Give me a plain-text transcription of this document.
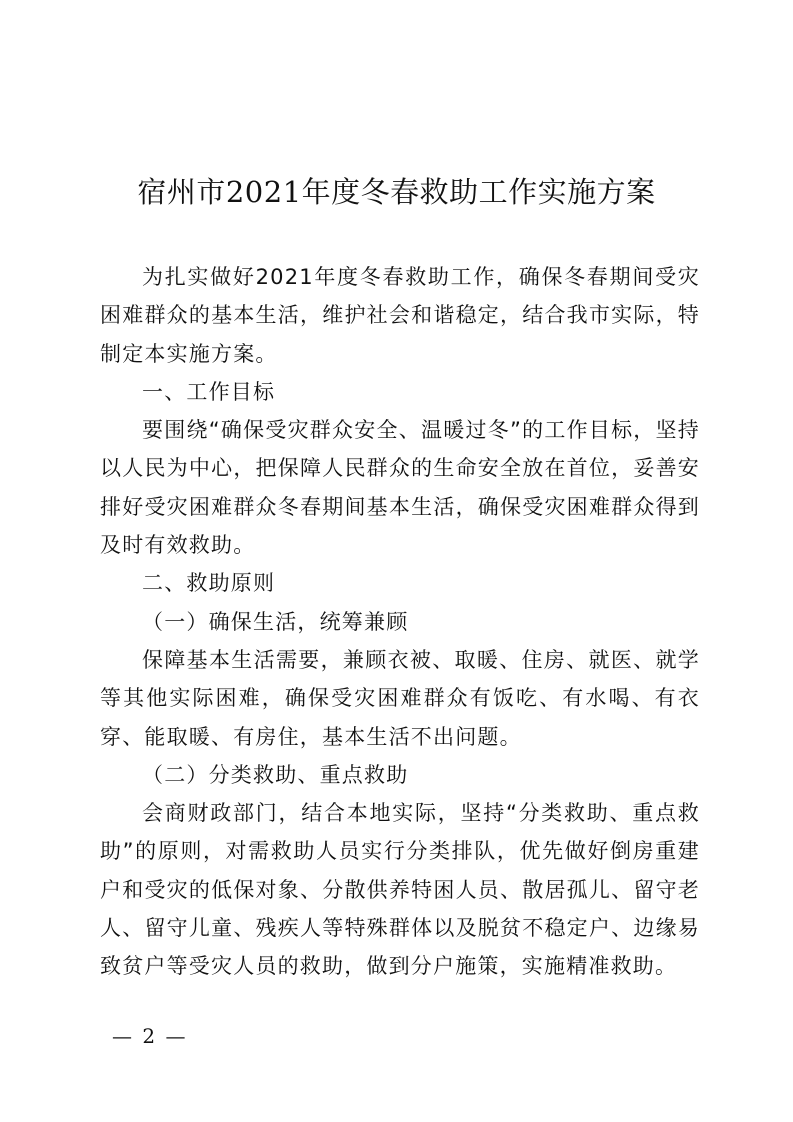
宿州市2021年度冬春救助工作实施方案

为扎实做好2021年度冬春救助工作，确保冬春期间受灾困难群众的基本生活，维护社会和谐稳定，结合我市实际，特制定本实施方案。

一、工作目标

要围绕“确保受灾群众安全、温暖过冬”的工作目标，坚持以人民为中心，把保障人民群众的生命安全放在首位，妥善安排好受灾困难群众冬春期间基本生活，确保受灾困难群众得到及时有效救助。

二、救助原则

（一）确保生活，统筹兼顾

保障基本生活需要，兼顾衣被、取暖、住房、就医、就学等其他实际困难，确保受灾困难群众有饭吃、有水喝、有衣穿、能取暖、有房住，基本生活不出问题。

（二）分类救助、重点救助

会商财政部门，结合本地实际，坚持“分类救助、重点救助”的原则，对需救助人员实行分类排队，优先做好倒房重建户和受灾的低保对象、分散供养特困人员、散居孤儿、留守老人、留守儿童、残疾人等特殊群体以及脱贫不稳定户、边缘易致贫户等受灾人员的救助，做到分户施策，实施精准救助。

— 2 —
